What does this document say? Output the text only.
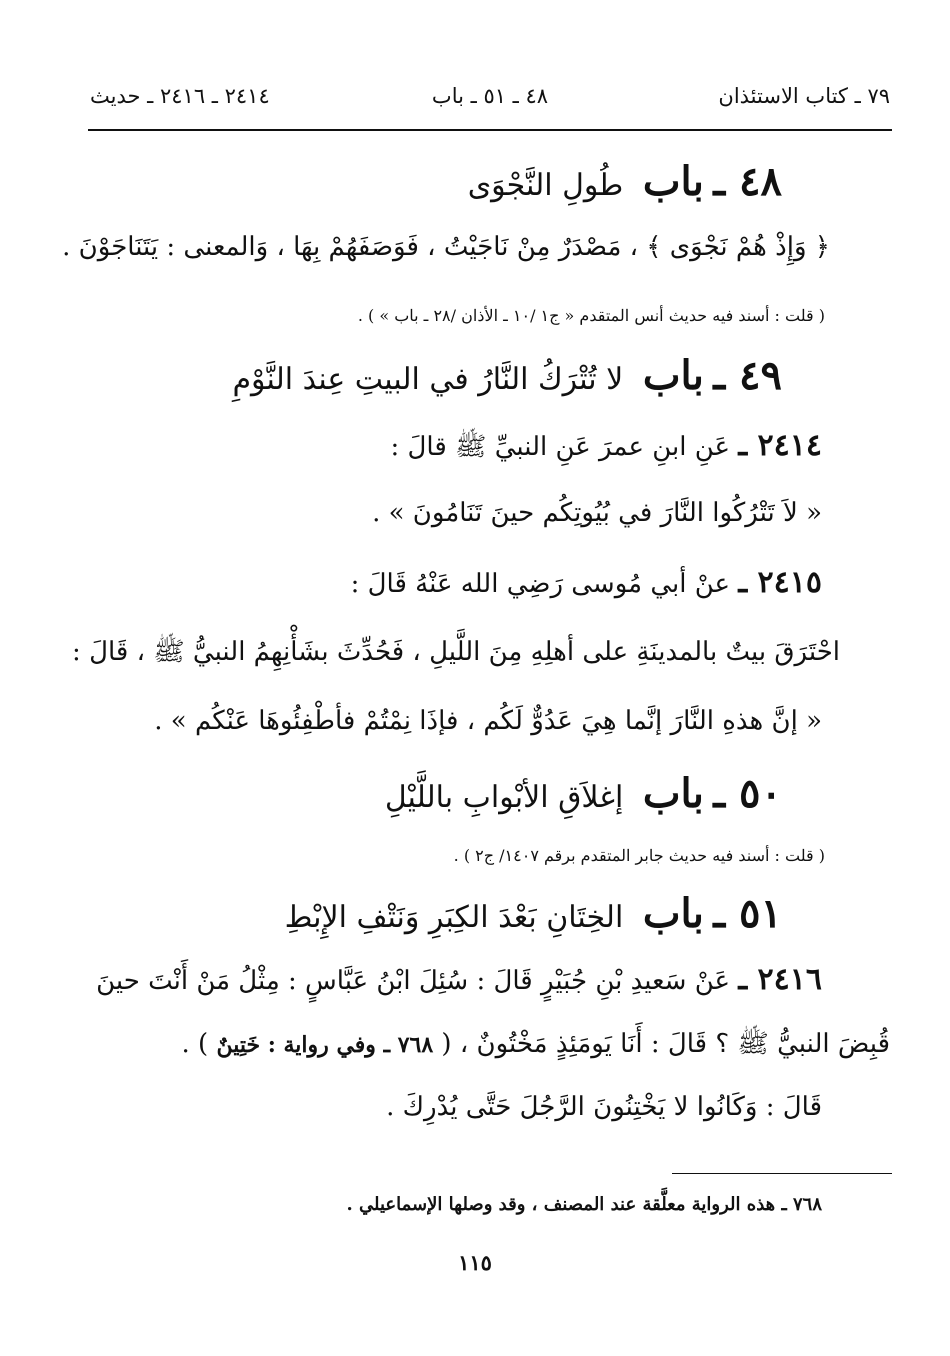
٧٩ ـ كتاب الاستئذان
٤٨ ـ ٥١ ـ باب
٢٤١٤ ـ ٢٤١٦ ـ حديث
٤٨ ـ باب طُولِ النَّجْوَى
﴿ وَإِذْ هُمْ نَجْوَى ﴾ ، مَصْدَرٌ مِنْ نَاجَيْتُ ، فَوَصَفَهُمْ بِهَا ، وَالمعنى : يَتَنَاجَوْنَ .
( قلت : أسند فيه حديث أنس المتقدم « ج١ /١٠ ـ الأذان /٢٨ ـ باب » ) .
٤٩ ـ باب لا تُتْرَكُ النَّارُ في البيتِ عِندَ النَّوْمِ
٢٤١٤ ـ عَنِ ابنِ عمرَ عَنِ النبيِّ ﷺ قالَ :
« لاَ تَتْرُكُوا النَّارَ في بُيُوتِكُم حينَ تَنَامُونَ » .
٢٤١٥ ـ عنْ أبي مُوسى رَضِي الله عَنْهُ قَالَ :
احْتَرَقَ بيتٌ بالمدينَةِ على أهلِهِ مِنَ اللَّيلِ ، فَحُدِّثَ بشَأْنِهِمُ النبيُّ ﷺ ، قَالَ :
« إنَّ هذهِ النَّارَ إنَّما هِيَ عَدُوٌّ لَكُم ، فإذَا نِمْتُمْ فأطْفِئُوهَا عَنْكُم » .
٥٠ ـ باب إغلاَقِ الأبْوابِ باللَّيْلِ
( قلت : أسند فيه حديث جابر المتقدم برقم ١٤٠٧/ ج٢ ) .
٥١ ـ باب الخِتَانِ بَعْدَ الكِبَرِ وَنَتْفِ الإِبْطِ
٢٤١٦ ـ عَنْ سَعيدِ بْنِ جُبَيْرٍ قَالَ : سُئِلَ ابْنُ عَبَّاسٍ : مِثْلُ مَنْ أَنْتَ حينَ
قُبِضَ النبيُّ ﷺ ؟ قَالَ : أَنَا يَومَئِذٍ مَخْتُونٌ ، ( ٧٦٨ ـ وفي رواية : خَتِينٌ ) .
قَالَ : وَكَانُوا لا يَخْتِنُونَ الرَّجُلَ حَتَّى يُدْرِكَ .
٧٦٨ ـ هذه الرواية معلَّقة عند المصنف ، وقد وصلها الإسماعيلي .
١١٥
